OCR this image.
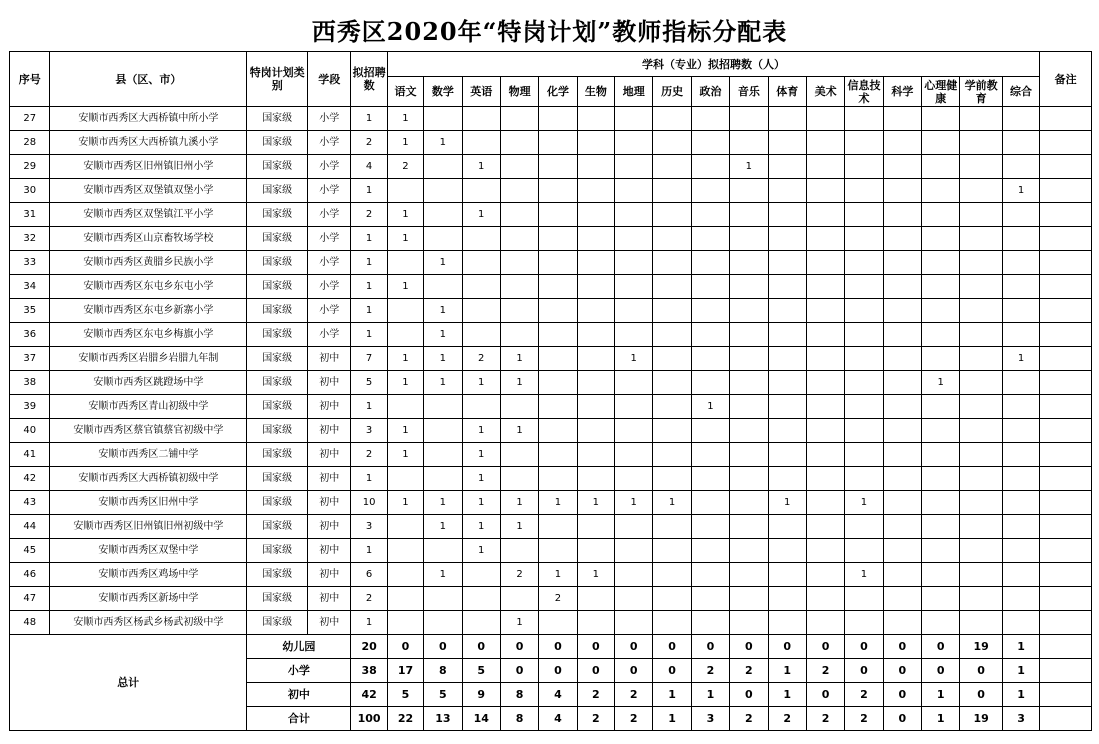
西秀区2020年“特岗计划”教师指标分配表
序号	县（区、市）	特岗计划类别	学段	拟招聘数	学科（专业）拟招聘数（人）																	备注
					语文	数学	英语	物理	化学	生物	地理	历史	政治	音乐	体育	美术	信息技术	科学	心理健康	学前教育	综合	
27	安顺市西秀区大西桥镇中所小学	国家级	小学	1	1																	
28	安顺市西秀区大西桥镇九溪小学	国家级	小学	2	1	1																
29	安顺市西秀区旧州镇旧州小学	国家级	小学	4	2		1							1								
30	安顺市西秀区双堡镇双堡小学	国家级	小学	1																	1	
31	安顺市西秀区双堡镇江平小学	国家级	小学	2	1		1															
32	安顺市西秀区山京畜牧场学校	国家级	小学	1	1																	
33	安顺市西秀区黄腊乡民族小学	国家级	小学	1		1																
34	安顺市西秀区东屯乡东屯小学	国家级	小学	1	1																	
35	安顺市西秀区东屯乡新寨小学	国家级	小学	1		1																
36	安顺市西秀区东屯乡梅旗小学	国家级	小学	1		1																
37	安顺市西秀区岩腊乡岩腊九年制	国家级	初中	7	1	1	2	1			1										1	
38	安顺市西秀区跳蹬场中学	国家级	初中	5	1	1	1	1											1			
39	安顺市西秀区青山初级中学	国家级	初中	1									1									
40	安顺市西秀区蔡官镇蔡官初级中学	国家级	初中	3	1		1	1														
41	安顺市西秀区二铺中学	国家级	初中	2	1		1															
42	安顺市西秀区大西桥镇初级中学	国家级	初中	1			1															
43	安顺市西秀区旧州中学	国家级	初中	10	1	1	1	1	1	1	1	1			1		1					
44	安顺市西秀区旧州镇旧州初级中学	国家级	初中	3		1	1	1														
45	安顺市西秀区双堡中学	国家级	初中	1			1															
46	安顺市西秀区鸡场中学	国家级	初中	6		1		2	1	1							1					
47	安顺市西秀区新场中学	国家级	初中	2					2													
48	安顺市西秀区杨武乡杨武初级中学	国家级	初中	1				1														
总计		幼儿园		20	0	0	0	0	0	0	0	0	0	0	0	0	0	0	0	19	1	
		小学		38	17	8	5	0	0	0	0	0	2	2	1	2	0	0	0	0	1	
		初中		42	5	5	9	8	4	2	2	1	1	0	1	0	2	0	1	0	1	
		合计		100	22	13	14	8	4	2	2	1	3	2	2	2	2	0	1	19	3	
